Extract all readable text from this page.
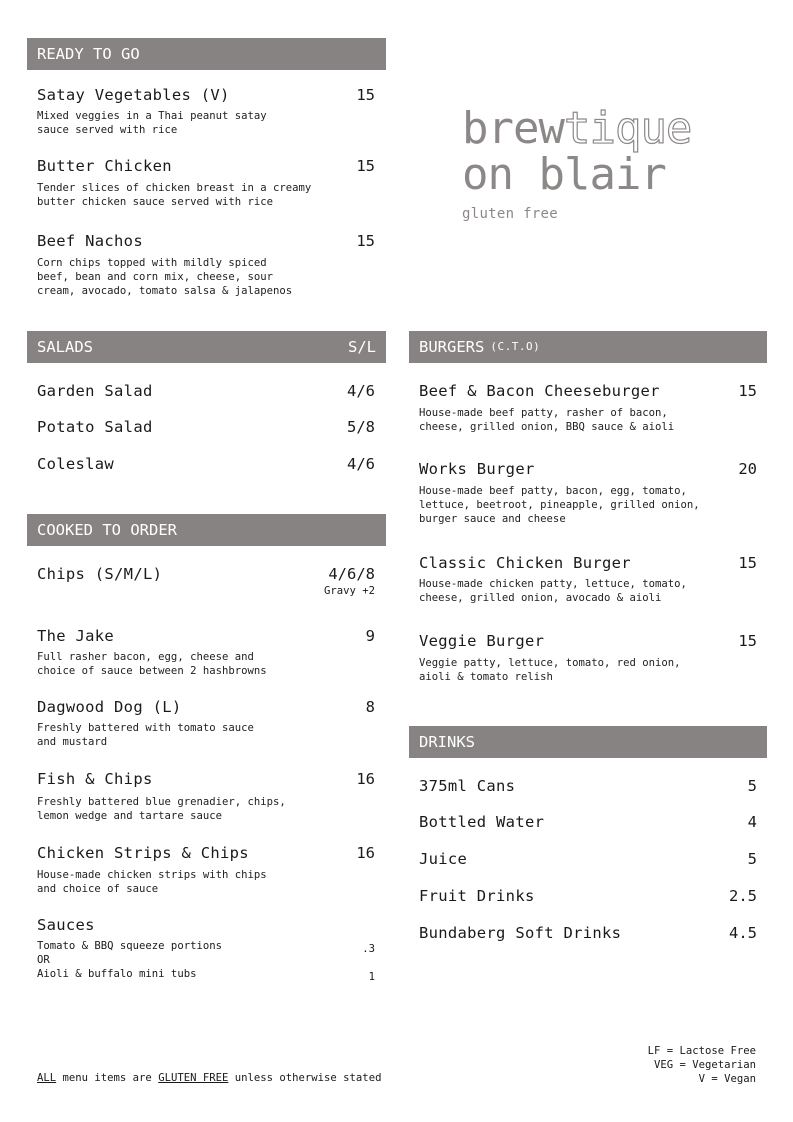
brewtique
on blair
gluten free
READY TO GO
Satay Vegetables (V)	15
Mixed veggies in a Thai peanut satay
sauce served with rice
Butter Chicken	15
Tender slices of chicken breast in a creamy
butter chicken sauce served with rice
Beef Nachos	15
Corn chips topped with mildly spiced
beef, bean and corn mix, cheese, sour
cream, avocado, tomato salsa & jalapenos
SALADS	S/L
Garden Salad	4/6
Potato Salad	5/8
Coleslaw	4/6
COOKED TO ORDER
Chips (S/M/L)	4/6/8
Gravy +2
The Jake	9
Full rasher bacon, egg, cheese and
choice of sauce between 2 hashbrowns
Dagwood Dog (L)	8
Freshly battered with tomato sauce
and mustard
Fish & Chips	16
Freshly battered blue grenadier, chips,
lemon wedge and tartare sauce
Chicken Strips & Chips	16
House-made chicken strips with chips
and choice of sauce
Sauces
Tomato & BBQ squeeze portions	.3
OR
Aioli & buffalo mini tubs	1
BURGERS (C.T.O)
Beef & Bacon Cheeseburger	15
House-made beef patty, rasher of bacon,
cheese, grilled onion, BBQ sauce & aioli
Works Burger	20
House-made beef patty, bacon, egg, tomato,
lettuce, beetroot, pineapple, grilled onion,
burger sauce and cheese
Classic Chicken Burger	15
House-made chicken patty, lettuce, tomato,
cheese, grilled onion, avocado & aioli
Veggie Burger	15
Veggie patty, lettuce, tomato, red onion,
aioli & tomato relish
DRINKS
375ml Cans	5
Bottled Water	4
Juice	5
Fruit Drinks	2.5
Bundaberg Soft Drinks	4.5
ALL menu items are GLUTEN FREE unless otherwise stated
LF = Lactose Free
VEG = Vegetarian
V = Vegan
